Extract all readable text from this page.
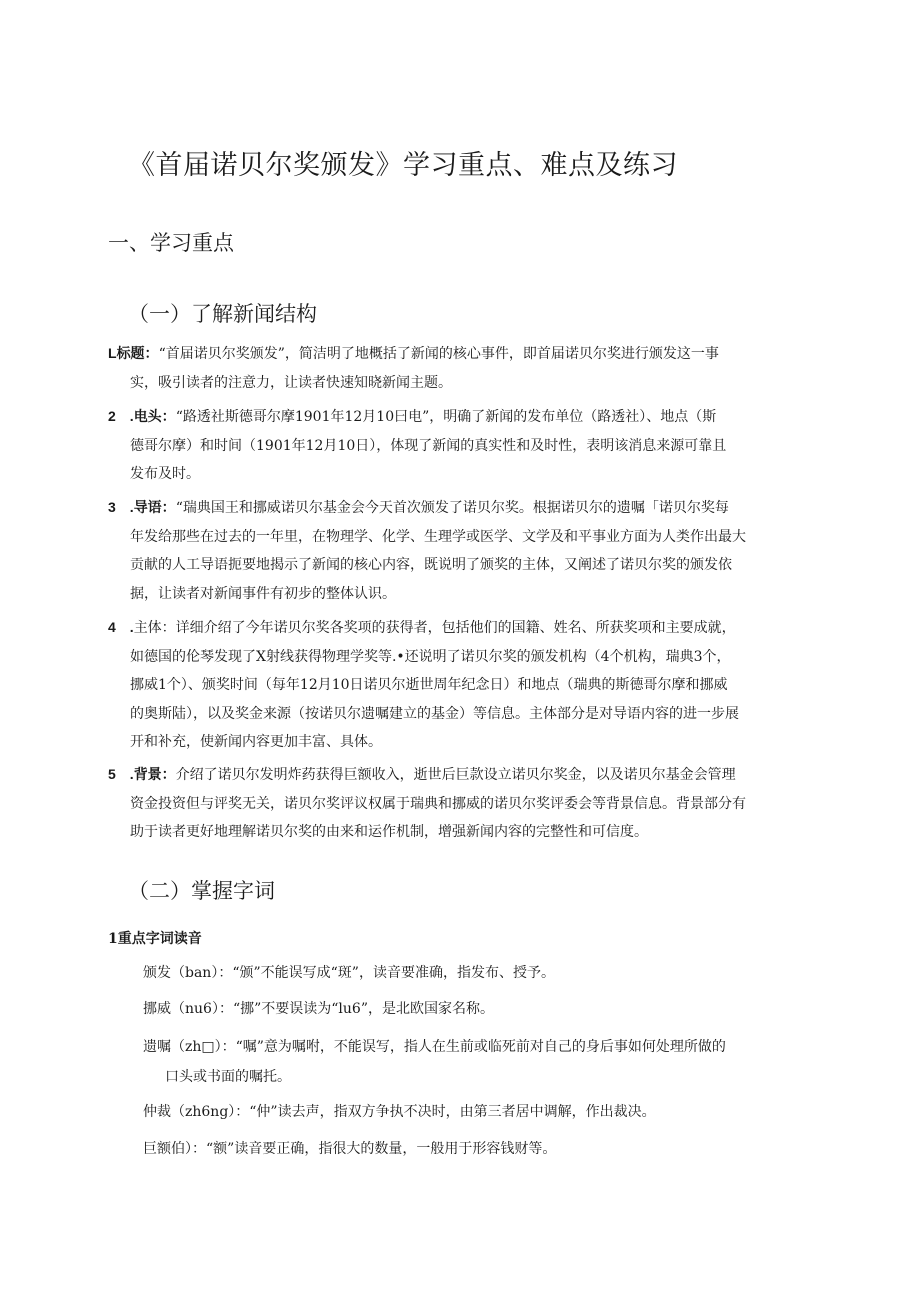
《首届诺贝尔奖颁发》学习重点、难点及练习
一、学习重点
（一）了解新闻结构
L标题：“首届诺贝尔奖颁发”，简洁明了地概括了新闻的核心事件，即首届诺贝尔奖进行颁发这一事
实，吸引读者的注意力，让读者快速知晓新闻主题。
2　.电头：“路透社斯德哥尔摩1901年12月10曰电”，明确了新闻的发布单位（路透社）、地点（斯
德哥尔摩）和时间（1901年12月10日），体现了新闻的真实性和及时性，表明该消息来源可靠且
发布及时。
3　.导语：“瑞典国王和挪威诺贝尔基金会今天首次颁发了诺贝尔奖。根据诺贝尔的遗嘱「诺贝尔奖每
年发给那些在过去的一年里，在物理学、化学、生理学或医学、文学及和平事业方面为人类作出最大
贡献的人工导语扼要地揭示了新闻的核心内容，既说明了颁奖的主体，又阐述了诺贝尔奖的颁发依
据，让读者对新闻事件有初步的整体认识。
4　.主体：详细介绍了今年诺贝尔奖各奖项的获得者，包括他们的国籍、姓名、所获奖项和主要成就，
如德国的伦琴发现了X射线获得物理学奖等.•还说明了诺贝尔奖的颁发机构（4个机构，瑞典3个，
挪威1个）、颁奖时间（每年12月10日诺贝尔逝世周年纪念日）和地点（瑞典的斯德哥尔摩和挪威
的奥斯陆），以及奖金来源（按诺贝尔遗嘱建立的基金）等信息。主体部分是对导语内容的进一步展
开和补充，使新闻内容更加丰富、具体。
5　.背景：介绍了诺贝尔发明炸药获得巨额收入，逝世后巨款设立诺贝尔奖金，以及诺贝尔基金会管理
资金投资但与评奖无关，诺贝尔奖评议权属于瑞典和挪威的诺贝尔奖评委会等背景信息。背景部分有
助于读者更好地理解诺贝尔奖的由来和运作机制，增强新闻内容的完整性和可信度。
（二）掌握字词
1重点字词读音
颁发（ban）：“颁”不能误写成“斑”，读音要准确，指发布、授予。
挪威（nu6）：“挪”不要误读为“lu6”，是北欧国家名称。
遗嘱（zh□）：“嘱”意为嘱咐，不能误写，指人在生前或临死前对自己的身后事如何处理所做的
口头或书面的嘱托。
仲裁（zh6ng）：“仲”读去声，指双方争执不决时，由第三者居中调解，作出裁决。
巨额伯）：“额”读音要正确，指很大的数量，一般用于形容钱财等。
